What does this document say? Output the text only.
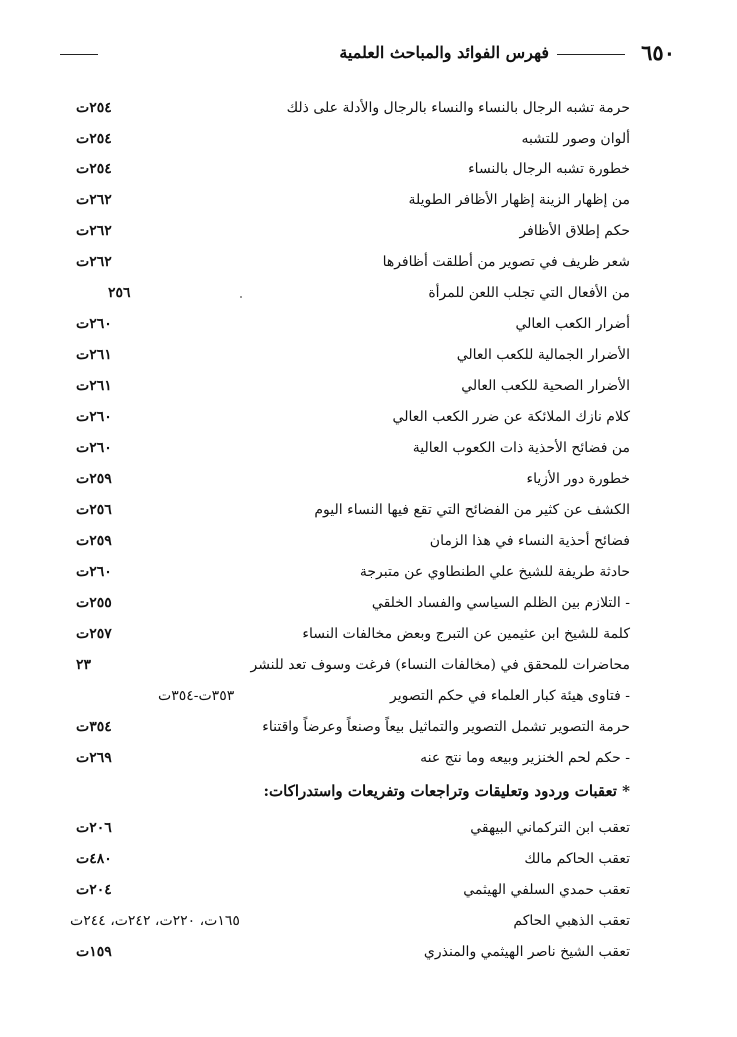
٦٥٠
فهرس الفوائد والمباحث العلمية
حرمة تشبه الرجال بالنساء والنساء بالرجال والأدلة على ذلك
٢٥٤ت
ألوان وصور للتشبه
٢٥٤ت
خطورة تشبه الرجال بالنساء
٢٥٤ت
من إظهار الزينة إظهار الأظافر الطويلة
٢٦٢ت
حكم إطلاق الأظافر
٢٦٢ت
شعر ظريف في تصوير من أطلقت أظافرها
٢٦٢ت
من الأفعال التي تجلب اللعن للمرأة
٢٥٦
أضرار الكعب العالي
٢٦٠ت
الأضرار الجمالية للكعب العالي
٢٦١ت
الأضرار الصحية للكعب العالي
٢٦١ت
كلام نازك الملائكة عن ضرر الكعب العالي
٢٦٠ت
من فضائح الأحذية ذات الكعوب العالية
٢٦٠ت
خطورة دور الأزياء
٢٥٩ت
الكشف عن كثير من الفضائح التي تقع فيها النساء اليوم
٢٥٦ت
فضائح أحذية النساء في هذا الزمان
٢٥٩ت
حادثة طريفة للشيخ علي الطنطاوي عن متبرجة
٢٦٠ت
- التلازم بين الظلم السياسي والفساد الخلقي
٢٥٥ت
كلمة للشيخ ابن عثيمين عن التبرج وبعض مخالفات النساء
٢٥٧ت
محاضرات للمحقق في (مخالفات النساء) فرغت وسوف تعد للنشر
٢٣
- فتاوى هيئة كبار العلماء في حكم التصوير
٣٥٣ت-٣٥٤ت
حرمة التصوير تشمل التصوير والتماثيل بيعاً وصنعاً وعرضاً واقتناء
٣٥٤ت
- حكم لحم الخنزير وبيعه وما نتج عنه
٢٦٩ت
* تعقبات وردود وتعليقات وتراجعات وتفريعات واستدراكات:
تعقب ابن التركماني البيهقي
٢٠٦ت
تعقب الحاكم مالك
٤٨٠ت
تعقب حمدي السلفي الهيثمي
٢٠٤ت
تعقب الذهبي الحاكم
١٦٥ت، ٢٢٠ت، ٢٤٢ت، ٢٤٤ت
تعقب الشيخ ناصر الهيثمي والمنذري
١٥٩ت
